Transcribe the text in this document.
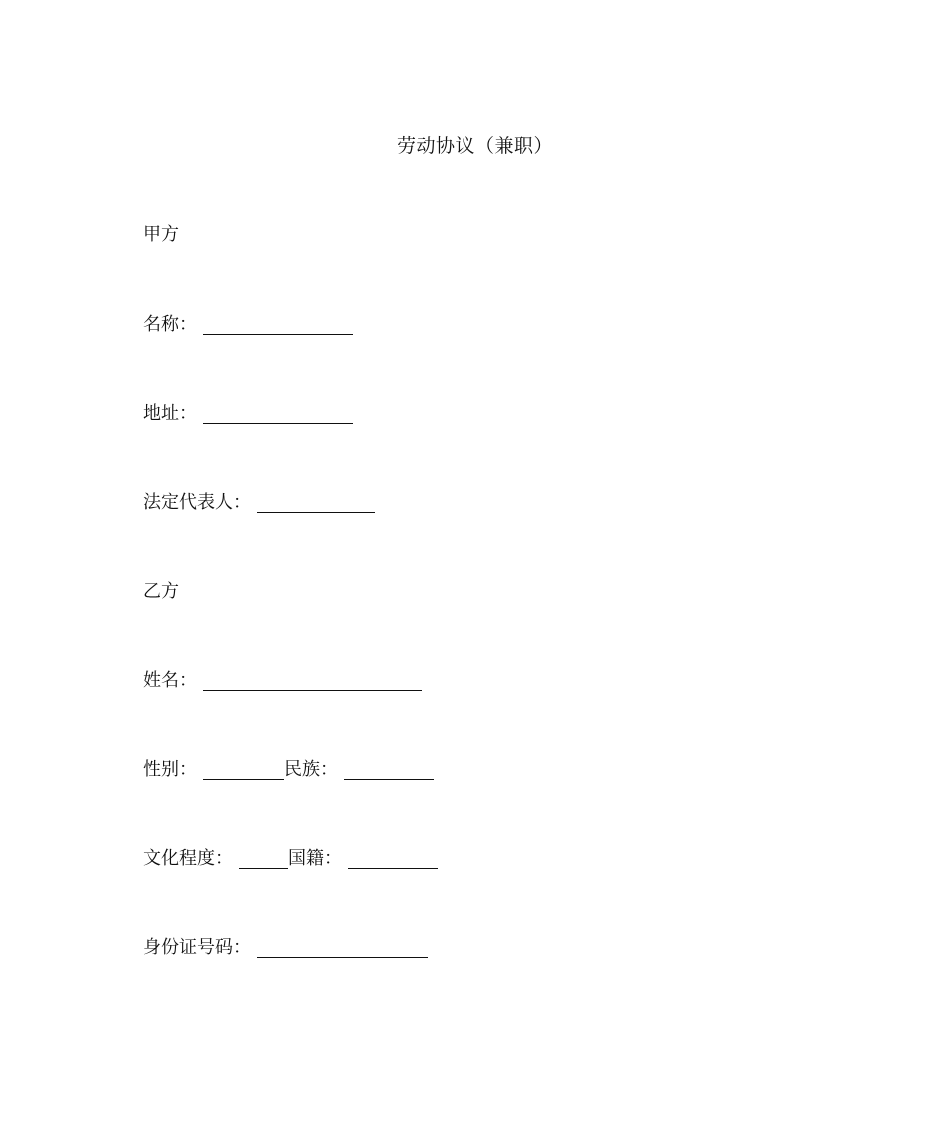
劳动协议（兼职）
甲方
名称：
地址：
法定代表人：
乙方
姓名：
性别：	民族：
文化程度：	国籍：
身份证号码：
